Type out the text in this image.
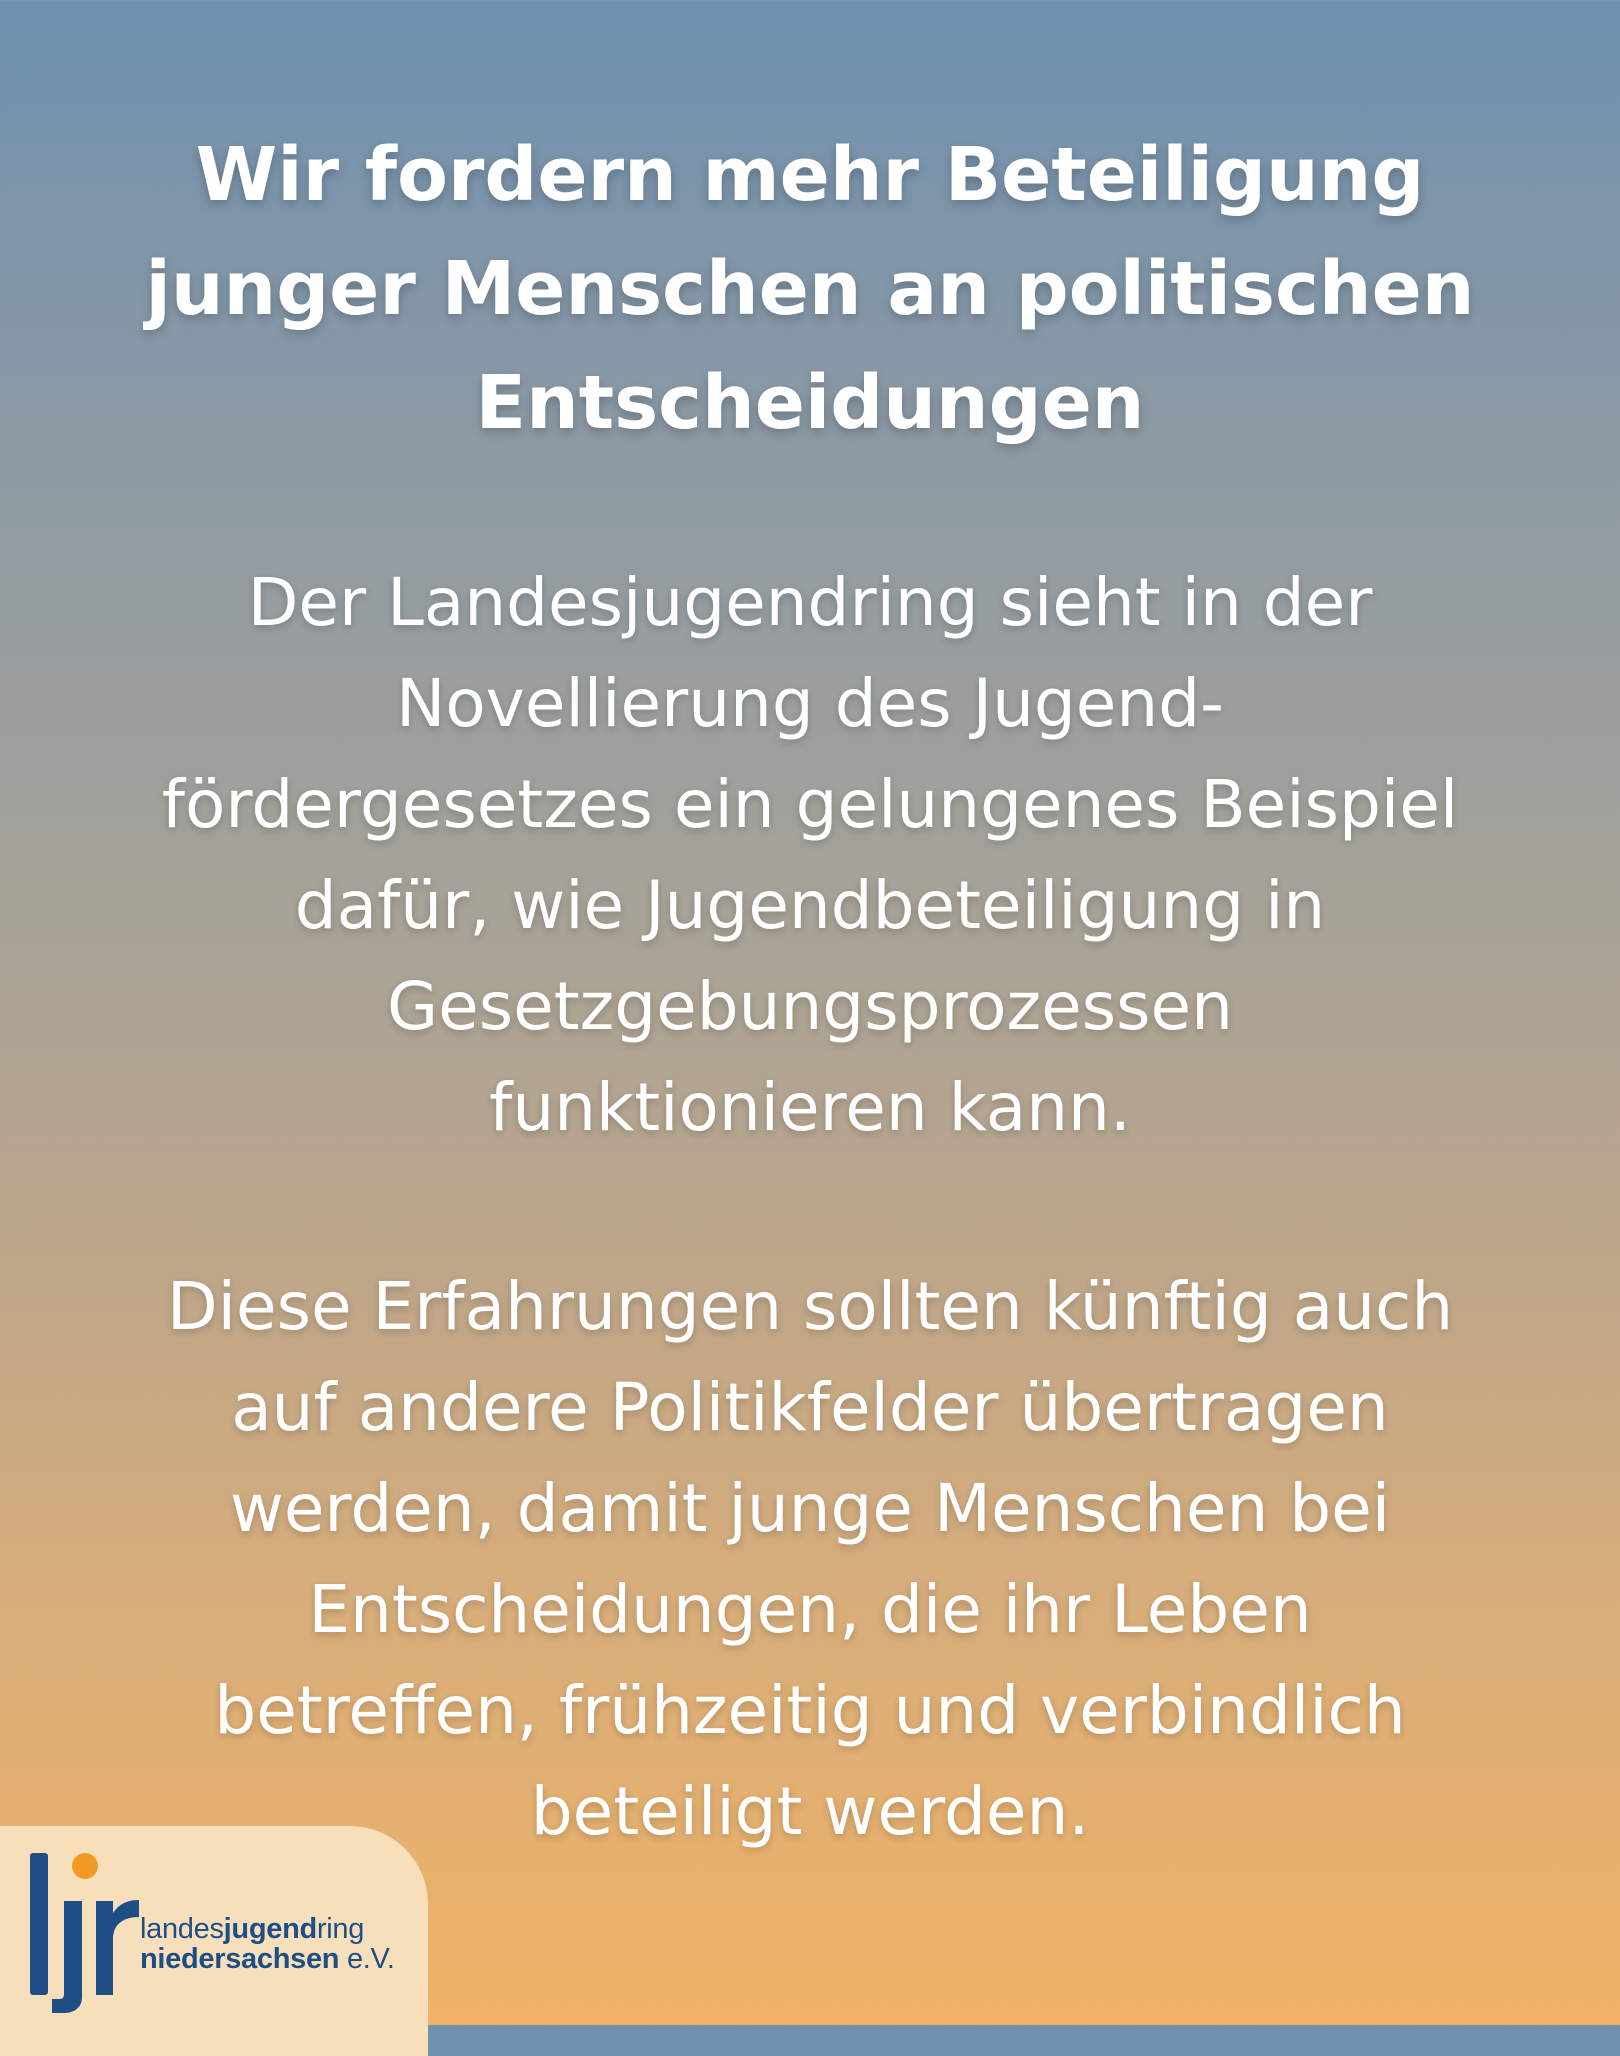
Wir fordern mehr Beteiligung
junger Menschen an politischen
Entscheidungen

Der Landesjugendring sieht in der
Novellierung des Jugend-
fördergesetzes ein gelungenes Beispiel
dafür, wie Jugendbeteiligung in
Gesetzgebungsprozessen
funktionieren kann.

Diese Erfahrungen sollten künftig auch
auf andere Politikfelder übertragen
werden, damit junge Menschen bei
Entscheidungen, die ihr Leben
betreffen, frühzeitig und verbindlich
beteiligt werden.

landesjugendring
niedersachsen e.V.
